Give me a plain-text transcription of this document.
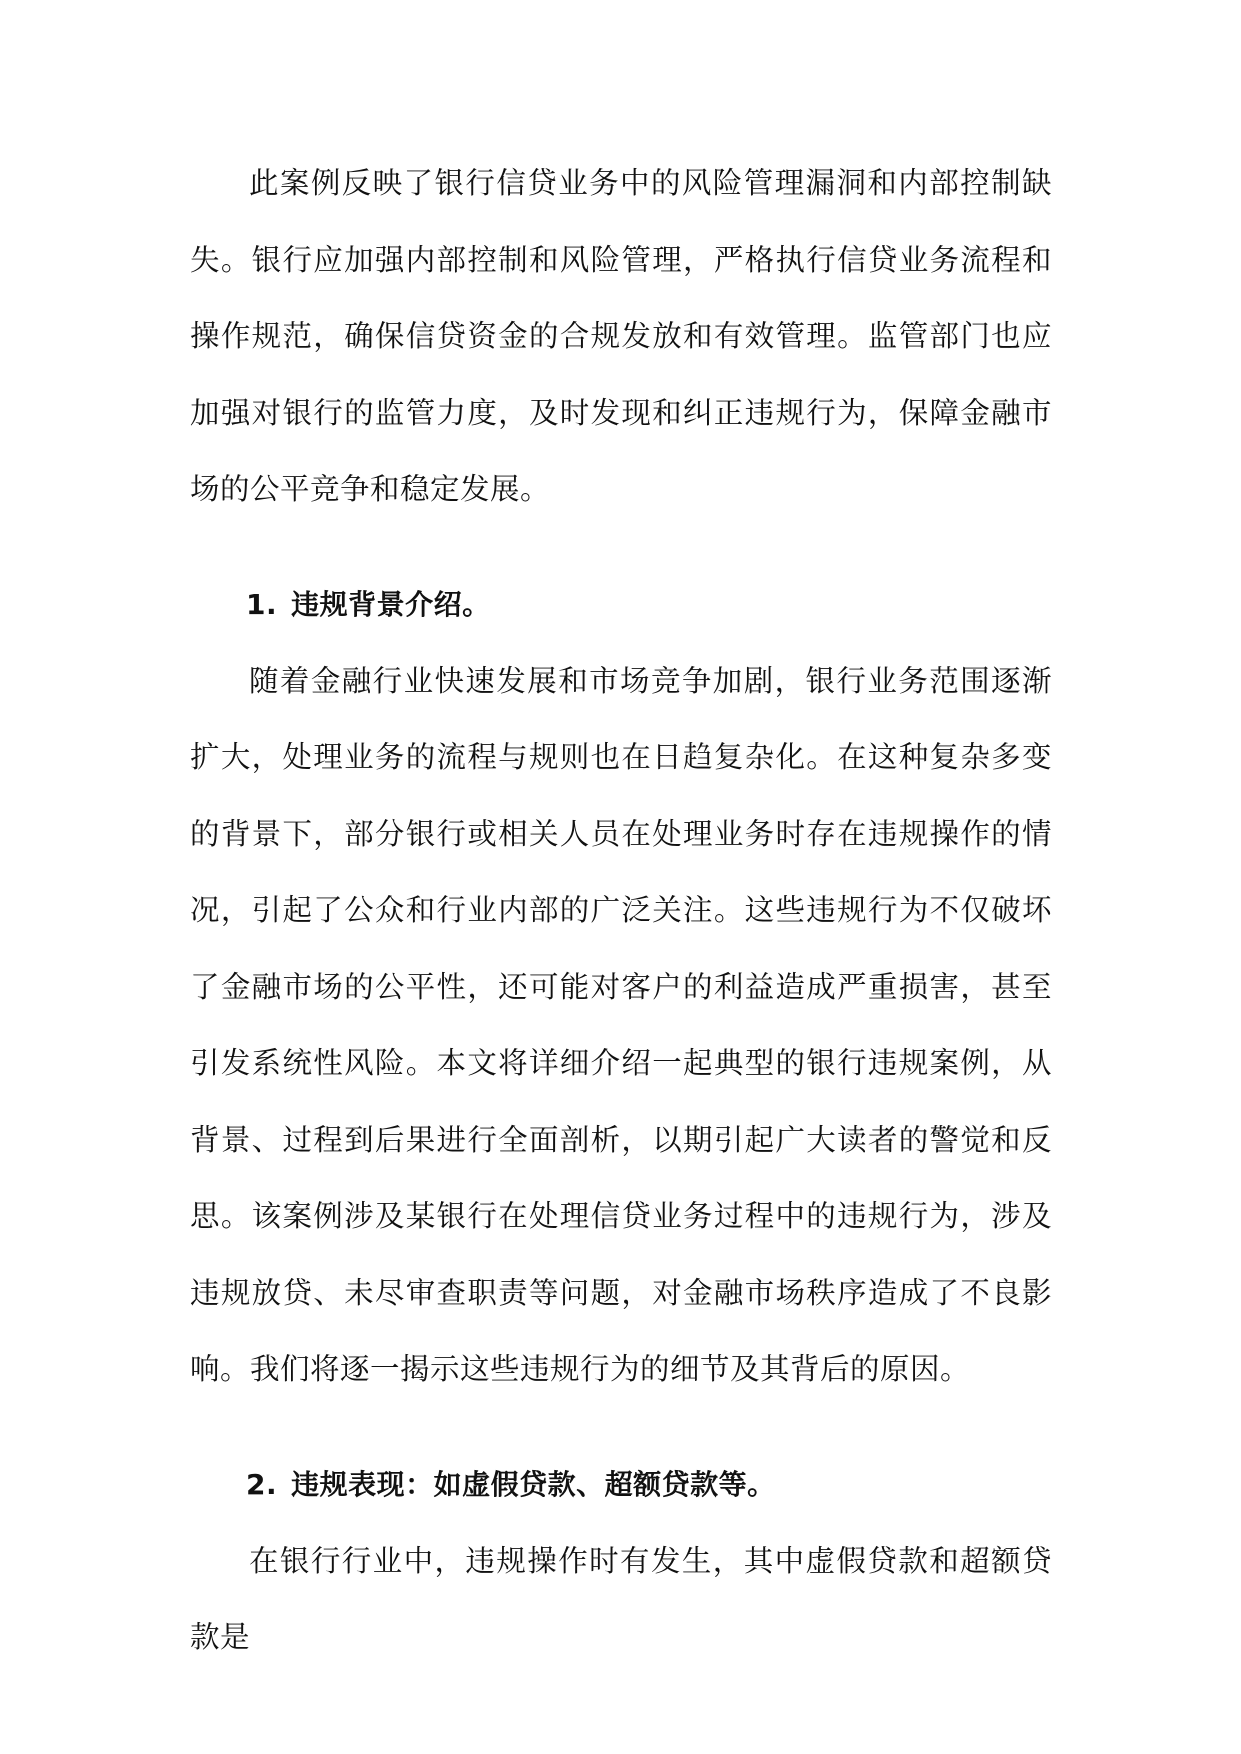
此案例反映了银行信贷业务中的风险管理漏洞和内部控制缺失。银行应加强内部控制和风险管理，严格执行信贷业务流程和操作规范，确保信贷资金的合规发放和有效管理。监管部门也应加强对银行的监管力度，及时发现和纠正违规行为，保障金融市场的公平竞争和稳定发展。

1. 违规背景介绍。

随着金融行业快速发展和市场竞争加剧，银行业务范围逐渐扩大，处理业务的流程与规则也在日趋复杂化。在这种复杂多变的背景下，部分银行或相关人员在处理业务时存在违规操作的情况，引起了公众和行业内部的广泛关注。这些违规行为不仅破坏了金融市场的公平性，还可能对客户的利益造成严重损害，甚至引发系统性风险。本文将详细介绍一起典型的银行违规案例，从背景、过程到后果进行全面剖析，以期引起广大读者的警觉和反思。该案例涉及某银行在处理信贷业务过程中的违规行为，涉及违规放贷、未尽审查职责等问题，对金融市场秩序造成了不良影响。我们将逐一揭示这些违规行为的细节及其背后的原因。

2. 违规表现：如虚假贷款、超额贷款等。

在银行行业中，违规操作时有发生，其中虚假贷款和超额贷款是
